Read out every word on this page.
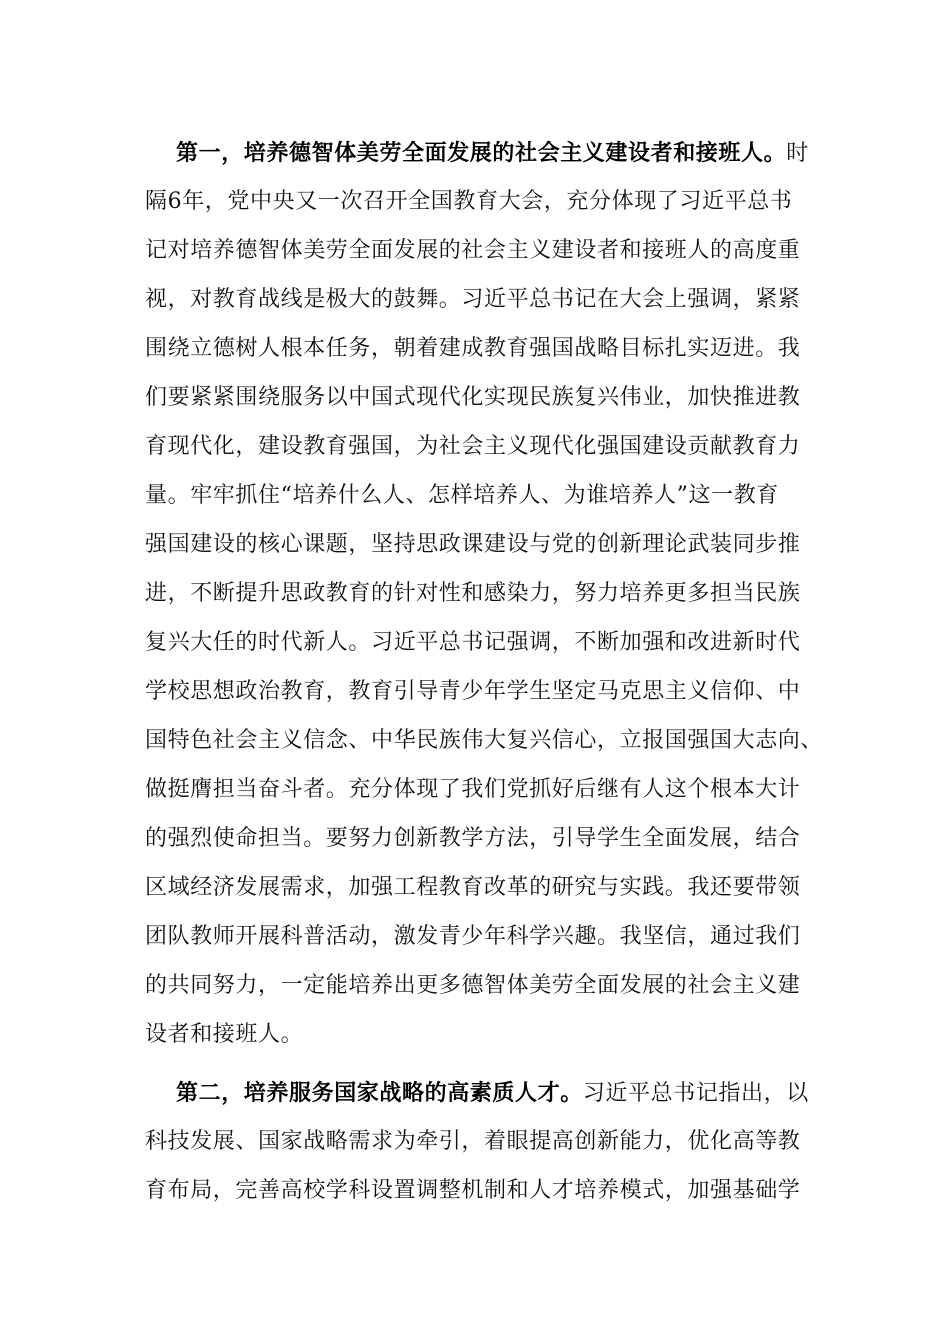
第一，培养德智体美劳全面发展的社会主义建设者和接班人。时
隔6年，党中央又一次召开全国教育大会，充分体现了习近平总书
记对培养德智体美劳全面发展的社会主义建设者和接班人的高度重
视，对教育战线是极大的鼓舞。习近平总书记在大会上强调，紧紧
围绕立德树人根本任务，朝着建成教育强国战略目标扎实迈进。我
们要紧紧围绕服务以中国式现代化实现民族复兴伟业，加快推进教
育现代化，建设教育强国，为社会主义现代化强国建设贡献教育力
量。牢牢抓住“培养什么人、怎样培养人、为谁培养人”这一教育
强国建设的核心课题，坚持思政课建设与党的创新理论武装同步推
进，不断提升思政教育的针对性和感染力，努力培养更多担当民族
复兴大任的时代新人。习近平总书记强调，不断加强和改进新时代
学校思想政治教育，教育引导青少年学生坚定马克思主义信仰、中
国特色社会主义信念、中华民族伟大复兴信心，立报国强国大志向、
做挺膺担当奋斗者。充分体现了我们党抓好后继有人这个根本大计
的强烈使命担当。要努力创新教学方法，引导学生全面发展，结合
区域经济发展需求，加强工程教育改革的研究与实践。我还要带领
团队教师开展科普活动，激发青少年科学兴趣。我坚信，通过我们
的共同努力，一定能培养出更多德智体美劳全面发展的社会主义建
设者和接班人。
第二，培养服务国家战略的高素质人才。习近平总书记指出，以
科技发展、国家战略需求为牵引，着眼提高创新能力，优化高等教
育布局，完善高校学科设置调整机制和人才培养模式，加强基础学
